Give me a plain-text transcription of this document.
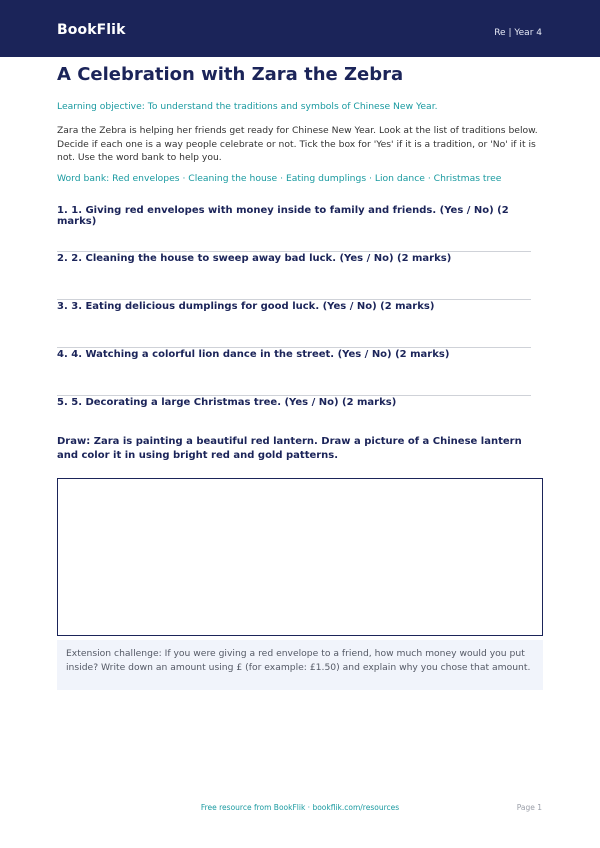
BookFlik	Re | Year 4
A Celebration with Zara the Zebra
Learning objective: To understand the traditions and symbols of Chinese New Year.
Zara the Zebra is helping her friends get ready for Chinese New Year. Look at the list of traditions below. Decide if each one is a way people celebrate or not. Tick the box for 'Yes' if it is a tradition, or 'No' if it is not. Use the word bank to help you.
Word bank: Red envelopes · Cleaning the house · Eating dumplings · Lion dance · Christmas tree
1. 1. Giving red envelopes with money inside to family and friends. (Yes / No) (2 marks)
2. 2. Cleaning the house to sweep away bad luck. (Yes / No) (2 marks)
3. 3. Eating delicious dumplings for good luck. (Yes / No) (2 marks)
4. 4. Watching a colorful lion dance in the street. (Yes / No) (2 marks)
5. 5. Decorating a large Christmas tree. (Yes / No) (2 marks)
Draw: Zara is painting a beautiful red lantern. Draw a picture of a Chinese lantern and color it in using bright red and gold patterns.
Extension challenge: If you were giving a red envelope to a friend, how much money would you put inside? Write down an amount using £ (for example: £1.50) and explain why you chose that amount.
Free resource from BookFlik · bookflik.com/resources	Page 1
